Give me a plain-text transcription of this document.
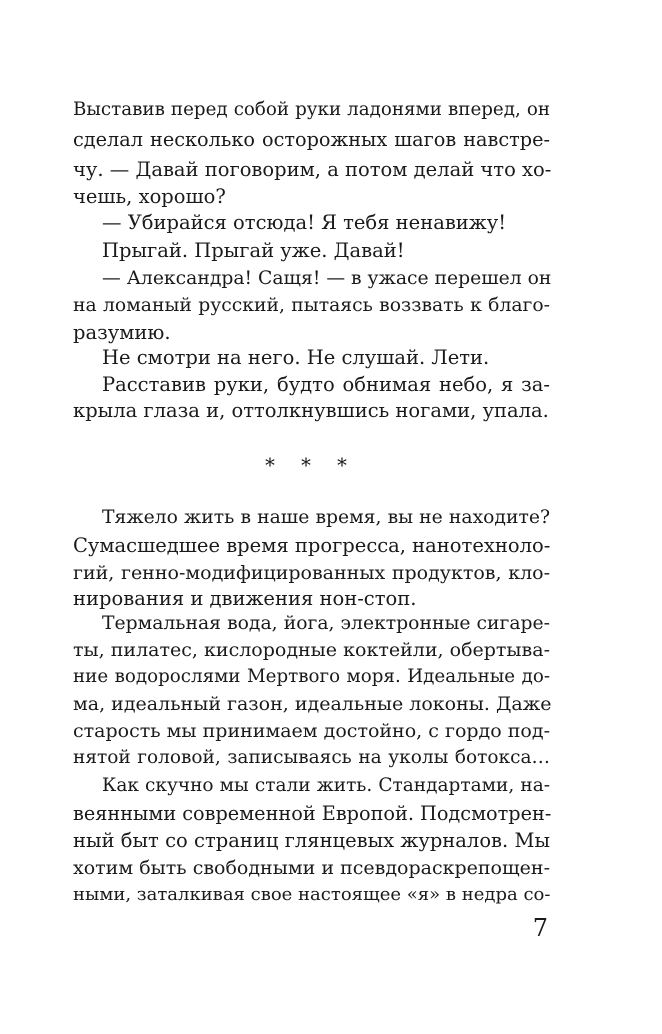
Выставив перед собой руки ладонями вперед, он
сделал несколько осторожных шагов навстре-
чу. — Давай поговорим, а потом делай что хо-
чешь, хорошо?
— Убирайся отсюда! Я тебя ненавижу!
Прыгай. Прыгай уже. Давай!
— Александра! Сащя! — в ужасе перешел он
на ломаный русский, пытаясь воззвать к благо-
разумию.
Не смотри на него. Не слушай. Лети.
Расставив руки, будто обнимая небо, я за-
крыла глаза и, оттолкнувшись ногами, упала.
* * *
Тяжело жить в наше время, вы не находите?
Сумасшедшее время прогресса, нанотехноло-
гий, генно-модифицированных продуктов, кло-
нирования и движения нон-стоп.
Термальная вода, йога, электронные сигаре-
ты, пилатес, кислородные коктейли, обертыва-
ние водорослями Мертвого моря. Идеальные до-
ма, идеальный газон, идеальные локоны. Даже
старость мы принимаем достойно, с гордо под-
нятой головой, записываясь на уколы ботокса…
Как скучно мы стали жить. Стандартами, на-
веянными современной Европой. Подсмотрен-
ный быт со страниц глянцевых журналов. Мы
хотим быть свободными и псевдораскрепощен-
ными, заталкивая свое настоящее «я» в недра со-
7
